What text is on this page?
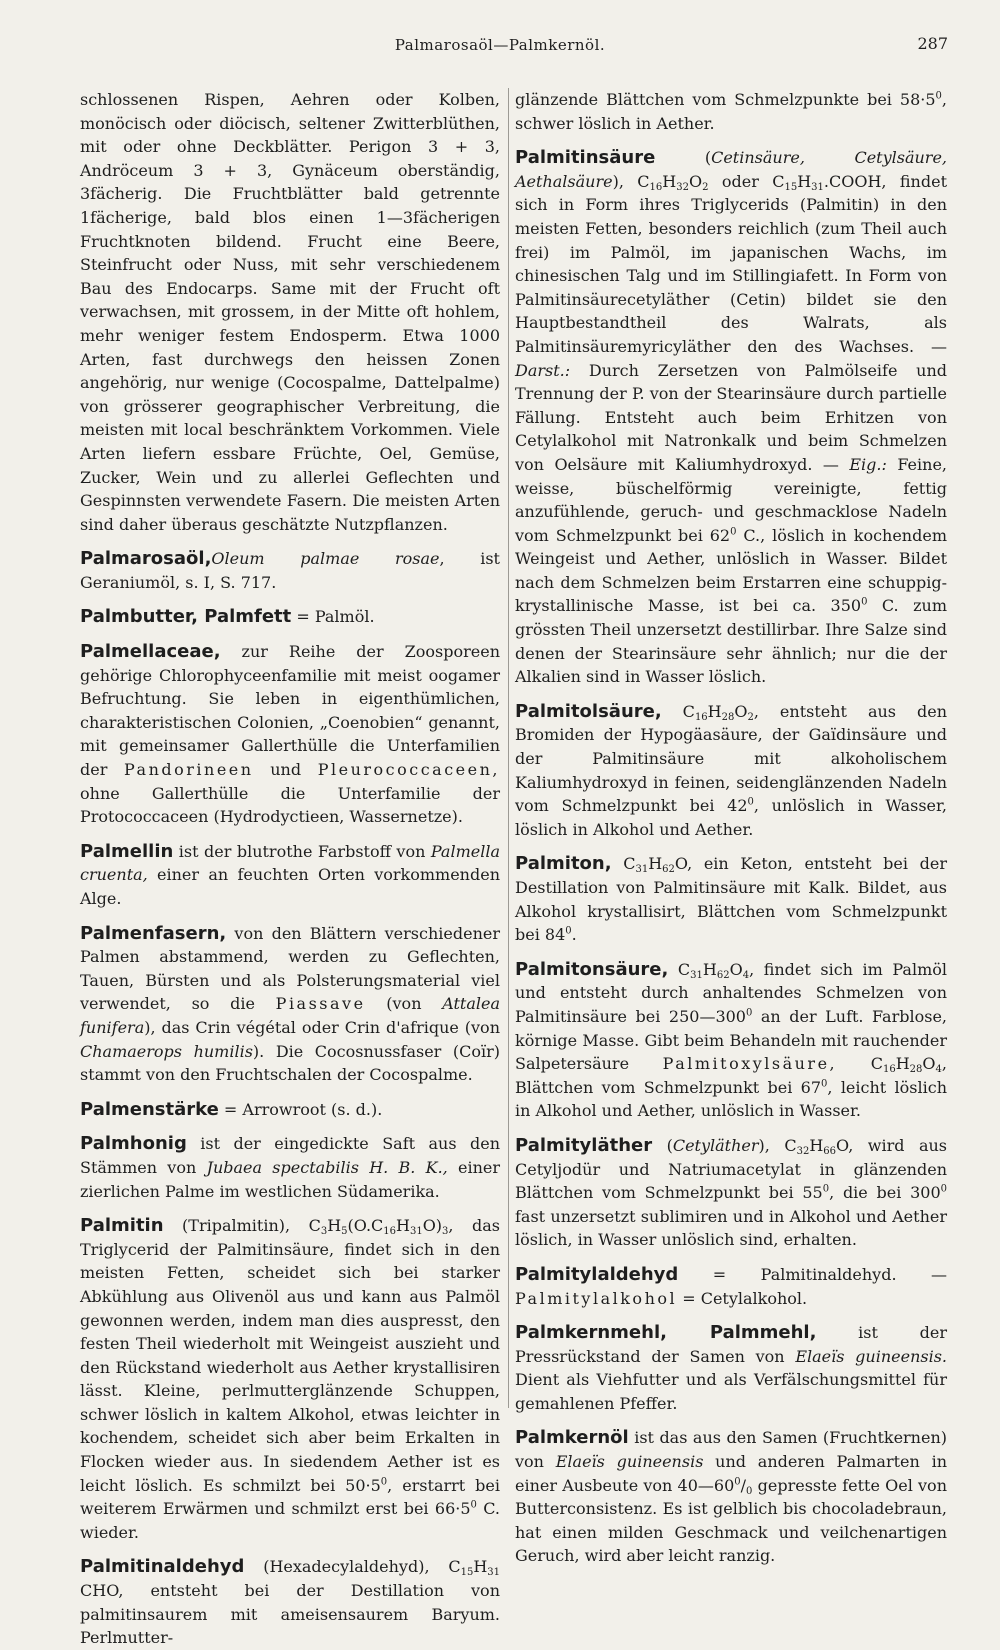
Palmarosaöl—Palmkernöl.	287

schlossenen Rispen, Aehren oder Kolben, monöcisch oder diöcisch, seltener Zwitterblüthen, mit oder ohne Deckblätter. Perigon 3 + 3, Andröceum 3 + 3, Gynäceum oberständig, 3fächerig. Die Fruchtblätter bald getrennte 1fächerige, bald blos einen 1—3fächerigen Fruchtknoten bildend. Frucht eine Beere, Steinfrucht oder Nuss, mit sehr verschiedenem Bau des Endocarps. Same mit der Frucht oft verwachsen, mit grossem, in der Mitte oft hohlem, mehr weniger festem Endosperm. Etwa 1000 Arten, fast durchwegs den heissen Zonen angehörig, nur wenige (Cocospalme, Dattelpalme) von grösserer geographischer Verbreitung, die meisten mit local beschränktem Vorkommen. Viele Arten liefern essbare Früchte, Oel, Gemüse, Zucker, Wein und zu allerlei Geflechten und Gespinnsten verwendete Fasern. Die meisten Arten sind daher überaus geschätzte Nutzpflanzen.

Palmarosaöl,Oleum palmae rosae, ist Geraniumöl, s. I, S. 717.

Palmbutter, Palmfett = Palmöl.

Palmellaceae, zur Reihe der Zoosporeen gehörige Chlorophyceenfamilie mit meist oogamer Befruchtung. Sie leben in eigenthümlichen, charakteristischen Colonien, „Coenobien“ genannt, mit gemeinsamer Gallerthülle die Unterfamilien der Pandorineen und Pleurococcaceen, ohne Gallerthülle die Unterfamilie der Protococcaceen (Hydrodyctieen, Wassernetze).

Palmellin ist der blutrothe Farbstoff von Palmella cruenta, einer an feuchten Orten vorkommenden Alge.

Palmenfasern, von den Blättern verschiedener Palmen abstammend, werden zu Geflechten, Tauen, Bürsten und als Polsterungsmaterial viel verwendet, so die Piassave (von Attalea funifera), das Crin végétal oder Crin d'afrique (von Chamaerops humilis). Die Cocosnussfaser (Coïr) stammt von den Fruchtschalen der Cocospalme.

Palmenstärke = Arrowroot (s. d.).

Palmhonig ist der eingedickte Saft aus den Stämmen von Jubaea spectabilis H. B. K., einer zierlichen Palme im westlichen Südamerika.

Palmitin (Tripalmitin), $C_3H_5(O.C_{16}H_{31}O)_3$, das Triglycerid der Palmitinsäure, findet sich in den meisten Fetten, scheidet sich bei starker Abkühlung aus Olivenöl aus und kann aus Palmöl gewonnen werden, indem man dies auspresst, den festen Theil wiederholt mit Weingeist auszieht und den Rückstand wiederholt aus Aether krystallisiren lässt. Kleine, perlmutterglänzende Schuppen, schwer löslich in kaltem Alkohol, etwas leichter in kochendem, scheidet sich aber beim Erkalten in Flocken wieder aus. In siedendem Aether ist es leicht löslich. Es schmilzt bei $50\cdot 5^0$, erstarrt bei weiterem Erwärmen und schmilzt erst bei $66\cdot 5^0$ C. wieder.

Palmitinaldehyd (Hexadecylaldehyd), $C_{15}H_{31}$ CHO, entsteht bei der Destillation von palmitinsaurem mit ameisensaurem Baryum. Perlmutter-

glänzende Blättchen vom Schmelzpunkte bei $58\cdot 5^0$, schwer löslich in Aether.

Palmitinsäure (Cetinsäure, Cetylsäure, Aethalsäure), $C_{16}H_{32}O_2$ oder $C_{15}H_{31}.COOH$, findet sich in Form ihres Triglycerids (Palmitin) in den meisten Fetten, besonders reichlich (zum Theil auch frei) im Palmöl, im japanischen Wachs, im chinesischen Talg und im Stillingiafett. In Form von Palmitinsäurecetyläther (Cetin) bildet sie den Hauptbestandtheil des Walrats, als Palmitinsäuremyricyläther den des Wachses. — Darst.: Durch Zersetzen von Palmölseife und Trennung der P. von der Stearinsäure durch partielle Fällung. Entsteht auch beim Erhitzen von Cetylalkohol mit Natronkalk und beim Schmelzen von Oelsäure mit Kaliumhydroxyd. — Eig.: Feine, weisse, büschelförmig vereinigte, fettig anzufühlende, geruch- und geschmacklose Nadeln vom Schmelzpunkt bei $62^0$ C., löslich in kochendem Weingeist und Aether, unlöslich in Wasser. Bildet nach dem Schmelzen beim Erstarren eine schuppig-krystallinische Masse, ist bei ca. $350^0$ C. zum grössten Theil unzersetzt destillirbar. Ihre Salze sind denen der Stearinsäure sehr ähnlich; nur die der Alkalien sind in Wasser löslich.

Palmitolsäure, $C_{16}H_{28}O_2$, entsteht aus den Bromiden der Hypogäasäure, der Gaïdinsäure und der Palmitinsäure mit alkoholischem Kaliumhydroxyd in feinen, seidenglänzenden Nadeln vom Schmelzpunkt bei $42^0$, unlöslich in Wasser, löslich in Alkohol und Aether.

Palmiton, $C_{31}H_{62}O$, ein Keton, entsteht bei der Destillation von Palmitinsäure mit Kalk. Bildet, aus Alkohol krystallisirt, Blättchen vom Schmelzpunkt bei $84^0$.

Palmitonsäure, $C_{31}H_{62}O_4$, findet sich im Palmöl und entsteht durch anhaltendes Schmelzen von Palmitinsäure bei $250—300^0$ an der Luft. Farblose, körnige Masse. Gibt beim Behandeln mit rauchender Salpetersäure Palmitoxylsäure, $C_{16}H_{28}O_4$, Blättchen vom Schmelzpunkt bei $67^0$, leicht löslich in Alkohol und Aether, unlöslich in Wasser.

Palmityläther (Cetyläther), $C_{32}H_{66}O$, wird aus Cetyljodür und Natriumacetylat in glänzenden Blättchen vom Schmelzpunkt bei $55^0$, die bei $300^0$ fast unzersetzt sublimiren und in Alkohol und Aether löslich, in Wasser unlöslich sind, erhalten.

Palmitylaldehyd = Palmitinaldehyd. — Palmitylalkohol = Cetylalkohol.

Palmkernmehl, Palmmehl, ist der Pressrückstand der Samen von Elaeïs guineensis. Dient als Viehfutter und als Verfälschungsmittel für gemahlenen Pfeffer.

Palmkernöl ist das aus den Samen (Fruchtkernen) von Elaeïs guineensis und anderen Palmarten in einer Ausbeute von $40—60^0/_0$ gepresste fette Oel von Butterconsistenz. Es ist gelblich bis chocoladebraun, hat einen milden Geschmack und veilchenartigen Geruch, wird aber leicht ranzig.
